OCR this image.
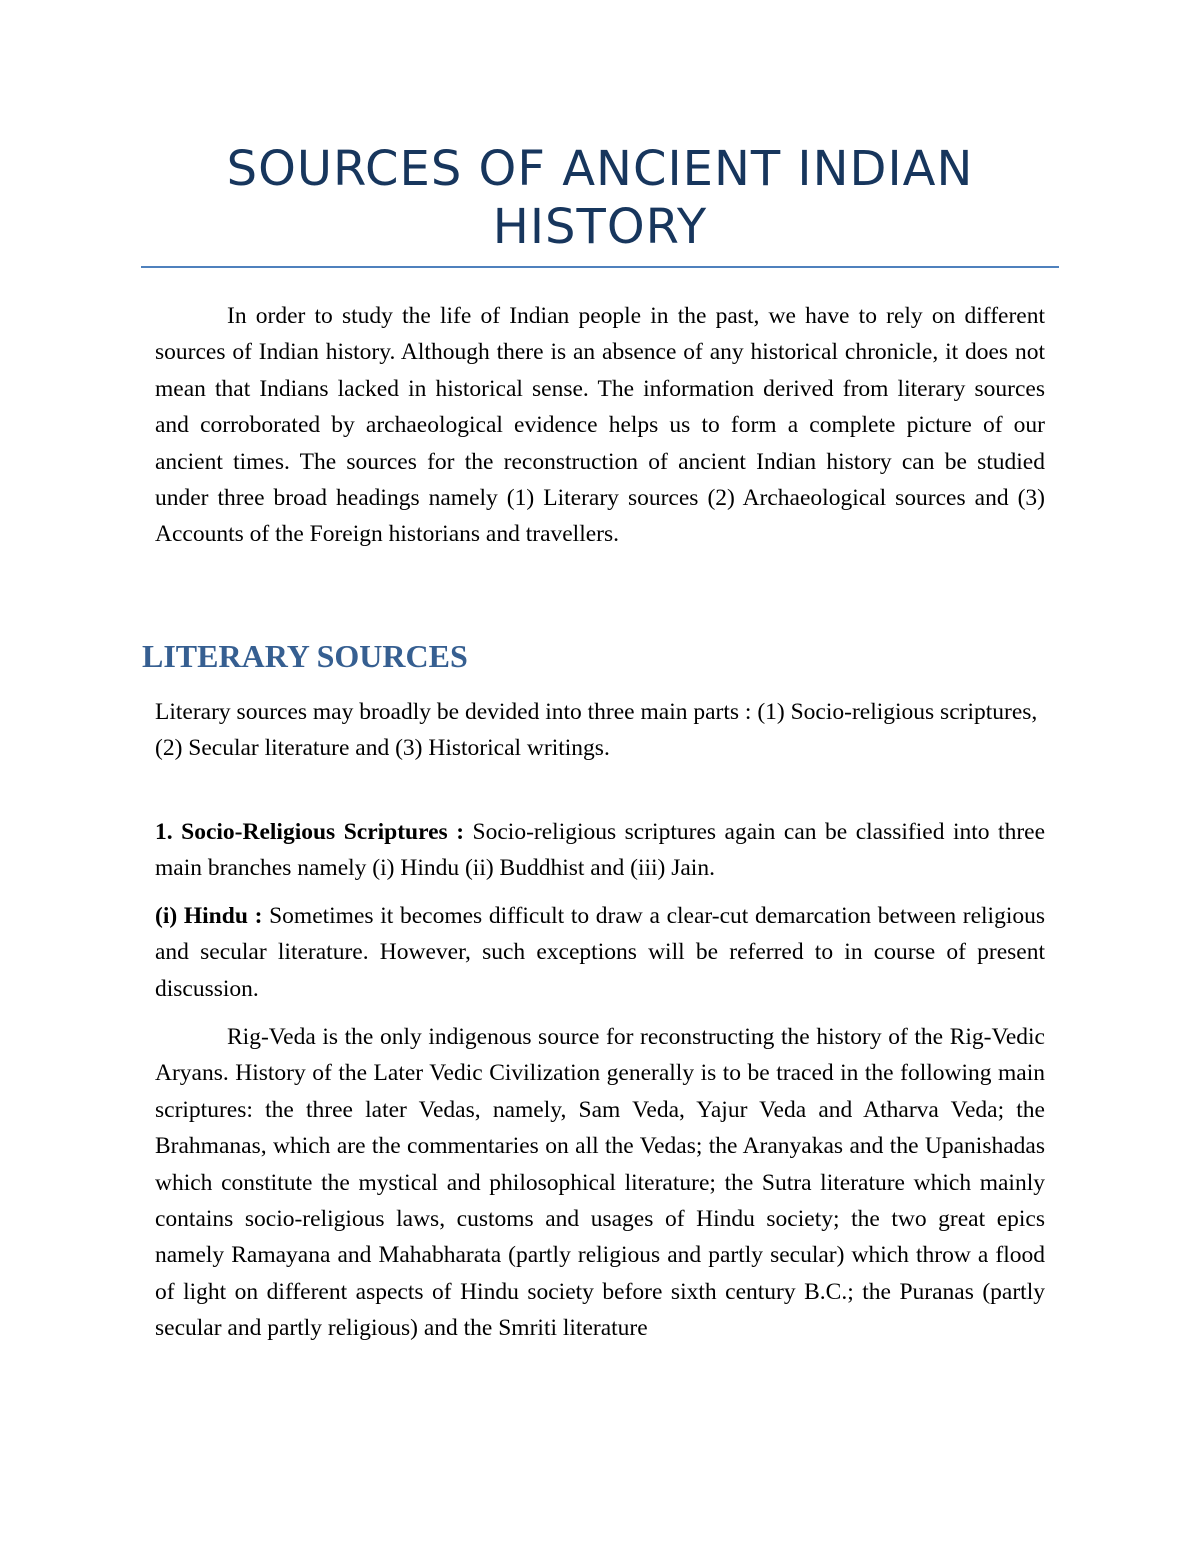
SOURCES OF ANCIENT INDIAN
HISTORY

In order to study the life of Indian people in the past, we have to rely on different sources of Indian history. Although there is an absence of any historical chronicle, it does not mean that Indians lacked in historical sense. The information derived from literary sources and corroborated by archaeological evidence helps us to form a complete picture of our ancient times. The sources for the reconstruction of ancient Indian history can be studied under three broad headings namely (1) Literary sources (2) Archaeological sources and (3) Accounts of the Foreign historians and travellers.

LITERARY SOURCES

Literary sources may broadly be devided into three main parts : (1) Socio-religious scriptures,
(2) Secular literature and (3) Historical writings.

1. Socio-Religious Scriptures : Socio-religious scriptures again can be classified into three main branches namely (i) Hindu (ii) Buddhist and (iii) Jain.

(i) Hindu : Sometimes it becomes difficult to draw a clear-cut demarcation between religious and secular literature. However, such exceptions will be referred to in course of present discussion.

Rig-Veda is the only indigenous source for reconstructing the history of the Rig-Vedic Aryans. History of the Later Vedic Civilization generally is to be traced in the following main scriptures: the three later Vedas, namely, Sam Veda, Yajur Veda and Atharva Veda; the Brahmanas, which are the commentaries on all the Vedas; the Aranyakas and the Upanishadas which constitute the mystical and philosophical literature; the Sutra literature which mainly contains socio-religious laws, customs and usages of Hindu society; the two great epics namely Ramayana and Mahabharata (partly religious and partly secular) which throw a flood of light on different aspects of Hindu society before sixth century B.C.; the Puranas (partly secular and partly religious) and the Smriti literature
